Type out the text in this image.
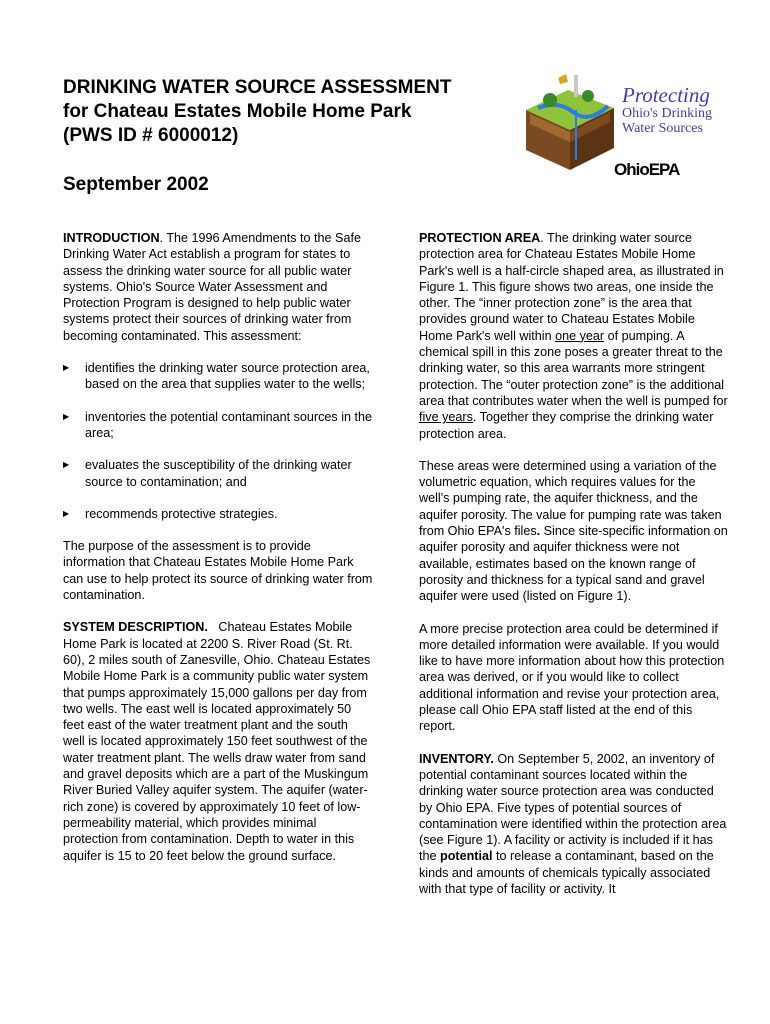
DRINKING WATER SOURCE ASSESSMENT
for Chateau Estates Mobile Home Park
(PWS ID # 6000012)
September 2002
Protecting
Ohio's Drinking
Water Sources
OhioEPA

INTRODUCTION. The 1996 Amendments to the Safe Drinking Water Act establish a program for states to assess the drinking water source for all public water systems. Ohio's Source Water Assessment and Protection Program is designed to help public water systems protect their sources of drinking water from becoming contaminated. This assessment:

▶ identifies the drinking water source protection area, based on the area that supplies water to the wells;
▶ inventories the potential contaminant sources in the area;
▶ evaluates the susceptibility of the drinking water source to contamination; and
▶ recommends protective strategies.

The purpose of the assessment is to provide information that Chateau Estates Mobile Home Park can use to help protect its source of drinking water from contamination.

SYSTEM DESCRIPTION. Chateau Estates Mobile Home Park is located at 2200 S. River Road (St. Rt. 60), 2 miles south of Zanesville, Ohio. Chateau Estates Mobile Home Park is a community public water system that pumps approximately 15,000 gallons per day from two wells. The east well is located approximately 50 feet east of the water treatment plant and the south well is located approximately 150 feet southwest of the water treatment plant. The wells draw water from sand and gravel deposits which are a part of the Muskingum River Buried Valley aquifer system. The aquifer (water-rich zone) is covered by approximately 10 feet of low-permeability material, which provides minimal protection from contamination. Depth to water in this aquifer is 15 to 20 feet below the ground surface.

PROTECTION AREA. The drinking water source protection area for Chateau Estates Mobile Home Park's well is a half-circle shaped area, as illustrated in Figure 1. This figure shows two areas, one inside the other. The “inner protection zone” is the area that provides ground water to Chateau Estates Mobile Home Park's well within one year of pumping. A chemical spill in this zone poses a greater threat to the drinking water, so this area warrants more stringent protection. The “outer protection zone” is the additional area that contributes water when the well is pumped for five years. Together they comprise the drinking water protection area.

These areas were determined using a variation of the volumetric equation, which requires values for the well's pumping rate, the aquifer thickness, and the aquifer porosity. The value for pumping rate was taken from Ohio EPA's files. Since site-specific information on aquifer porosity and aquifer thickness were not available, estimates based on the known range of porosity and thickness for a typical sand and gravel aquifer were used (listed on Figure 1).

A more precise protection area could be determined if more detailed information were available. If you would like to have more information about how this protection area was derived, or if you would like to collect additional information and revise your protection area, please call Ohio EPA staff listed at the end of this report.

INVENTORY. On September 5, 2002, an inventory of potential contaminant sources located within the drinking water source protection area was conducted by Ohio EPA. Five types of potential sources of contamination were identified within the protection area (see Figure 1). A facility or activity is included if it has the potential to release a contaminant, based on the kinds and amounts of chemicals typically associated with that type of facility or activity. It
